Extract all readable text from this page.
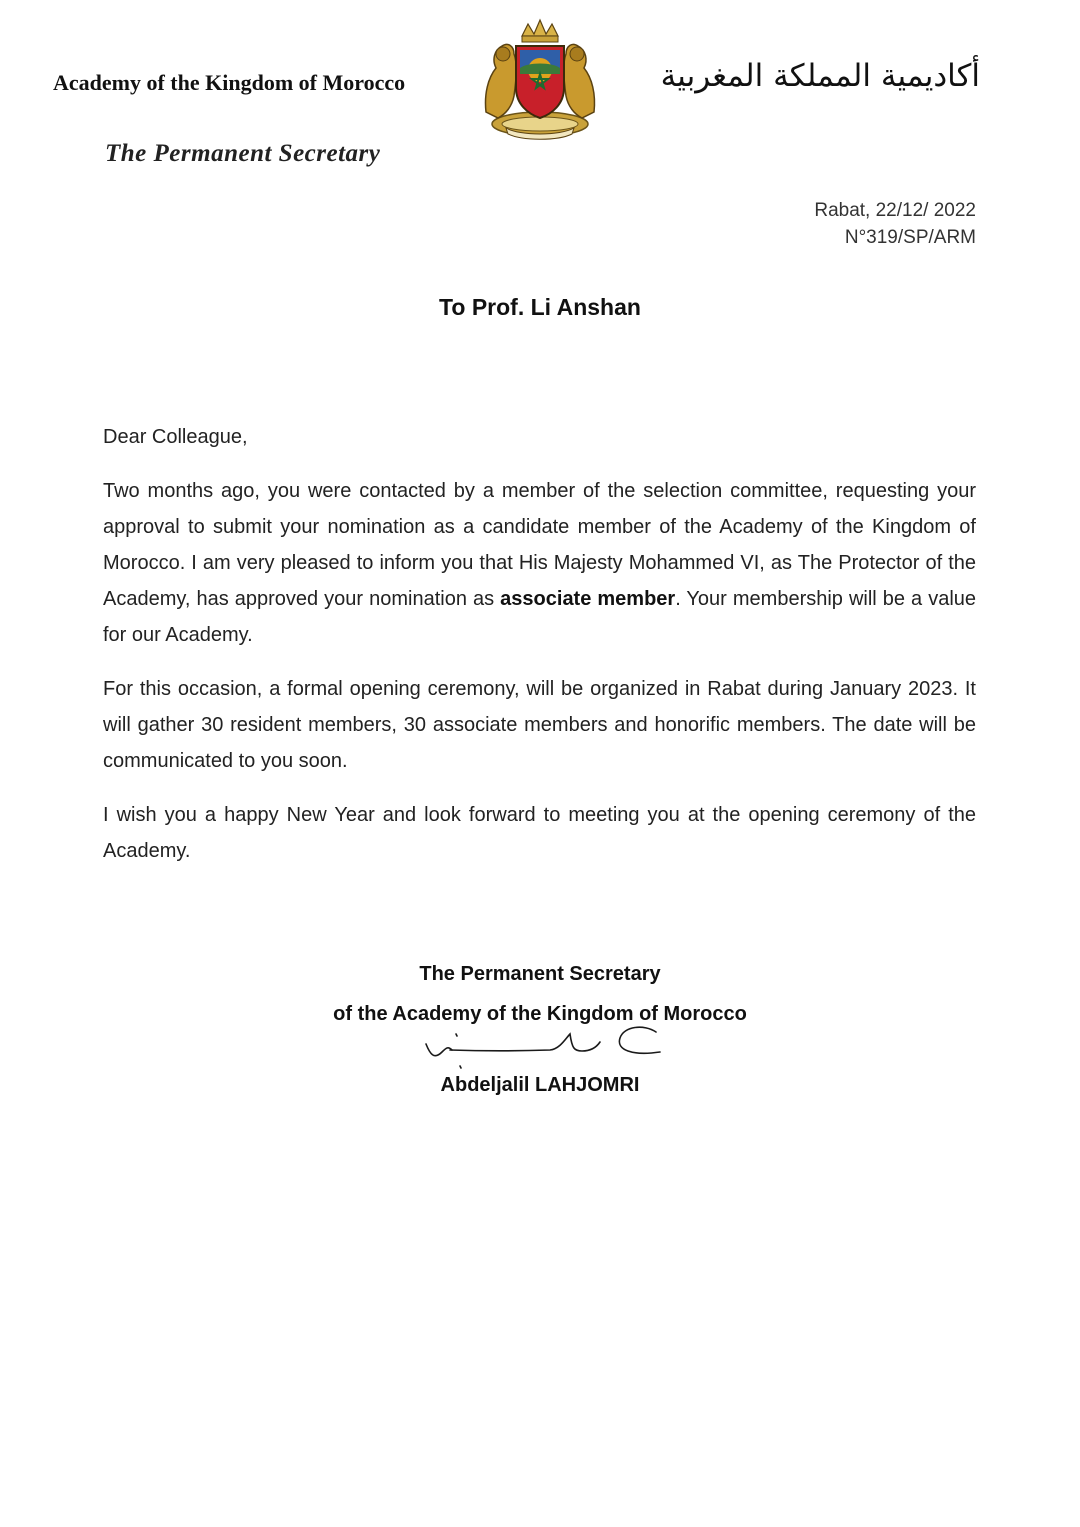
Academy of the Kingdom of Morocco	أكاديمية المملكة المغربية
The Permanent Secretary
Rabat, 22/12/ 2022
N°319/SP/ARM
To Prof. Li Anshan

Dear Colleague,

Two months ago, you were contacted by a member of the selection committee, requesting your approval to submit your nomination as a candidate member of the Academy of the Kingdom of Morocco. I am very pleased to inform you that His Majesty Mohammed VI, as The Protector of the Academy, has approved your nomination as associate member. Your membership will be a value for our Academy.

For this occasion, a formal opening ceremony, will be organized in Rabat during January 2023. It will gather 30 resident members, 30 associate members and honorific members. The date will be communicated to you soon.

I wish you a happy New Year and look forward to meeting you at the opening ceremony of the Academy.

The Permanent Secretary
of the Academy of the Kingdom of Morocco
Abdeljalil LAHJOMRI
